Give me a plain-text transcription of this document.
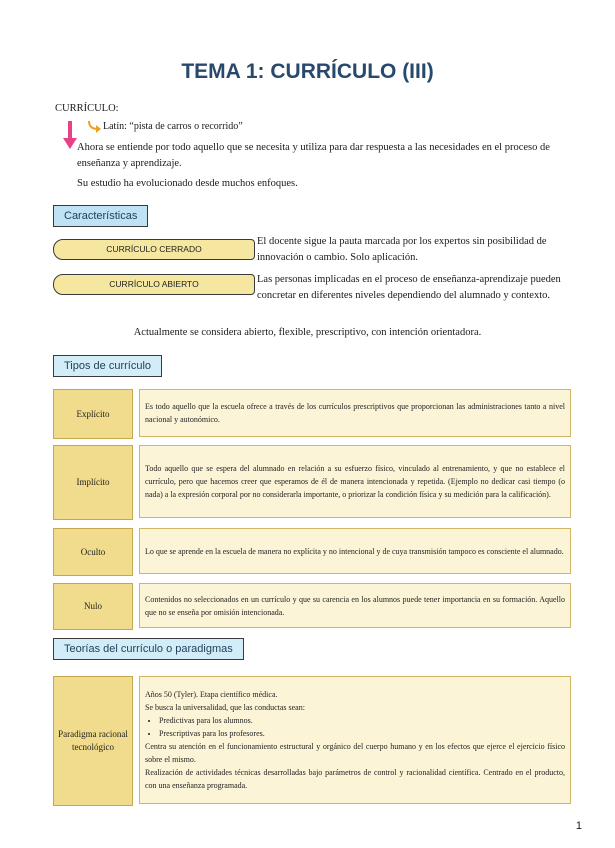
TEMA 1: CURRÍCULO (III)
CURRÍCULO:
Latín: “pista de carros o recorrido”
Ahora se entiende por todo aquello que se necesita y utiliza para dar respuesta a las necesidades en el proceso de enseñanza y aprendizaje.
Su estudio ha evolucionado desde muchos enfoques.
Características
CURRÍCULO CERRADO
El docente sigue la pauta marcada por los expertos sin posibilidad de innovación o cambio. Solo aplicación.
CURRÍCULO ABIERTO	Las personas implicadas en el proceso de enseñanza-aprendizaje pueden concretar en diferentes niveles dependiendo del alumnado y contexto.
Actualmente se considera abierto, flexible, prescriptivo, con intención orientadora.
Tipos de currículo
Explícito
Es todo aquello que la escuela ofrece a través de los currículos prescriptivos que proporcionan las administraciones tanto a nivel nacional y autonómico.
Implícito
Todo aquello que se espera del alumnado en relación a su esfuerzo físico, vinculado al entrenamiento, y que no establece el currículo, pero que hacemos creer que esperamos de él de manera intencionada y repetida. (Ejemplo no dedicar casi tiempo (o nada) a la expresión corporal por no considerarla importante, o priorizar la condición física y su medición para la calificación).
Oculto	Lo que se aprende en la escuela de manera no explícita y no intencional y de cuya transmisión tampoco es consciente el alumnado.
Nulo
Contenidos no seleccionados en un currículo y que su carencia en los alumnos puede tener importancia en su formación. Aquello que no se enseña por omisión intencionada.
Teorías del currículo o paradigmas
Paradigma racional tecnológico
Años 50 (Tyler). Etapa científico médica.
Se busca la universalidad, que las conductas sean:
• Predictivas para los alumnos.
• Prescriptivas para los profesores.
Centra su atención en el funcionamiento estructural y orgánico del cuerpo humano y en los efectos que ejerce el ejercicio físico sobre el mismo.
Realización de actividades técnicas desarrolladas bajo parámetros de control y racionalidad científica. Centrado en el producto, con una enseñanza programada.
1
